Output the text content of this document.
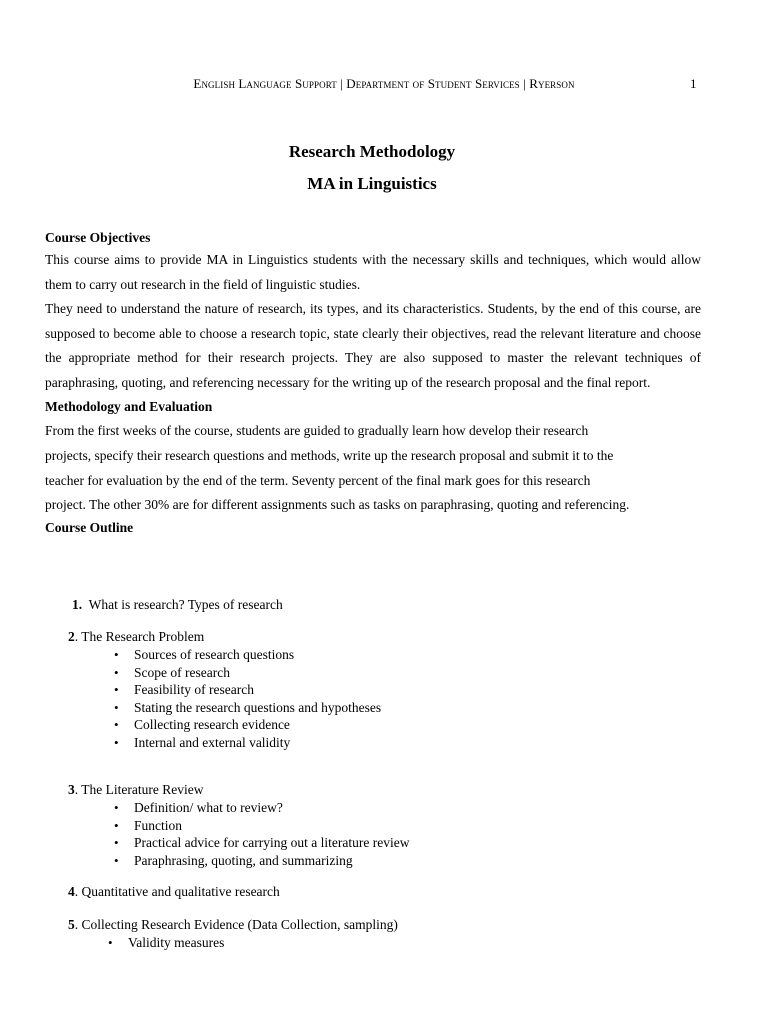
English Language Support | Department of Student Services | Ryerson	1
Research Methodology
MA in Linguistics

Course Objectives

This course aims to provide MA in Linguistics students with the necessary skills and techniques, which would allow them to carry out research in the field of linguistic studies.

They need to understand the nature of research, its types, and its characteristics. Students, by the end of this course, are supposed to become able to choose a research topic, state clearly their objectives, read the relevant literature and choose the appropriate method for their research projects. They are also supposed to master the relevant techniques of paraphrasing, quoting, and referencing necessary for the writing up of the research proposal and the final report.

Methodology and Evaluation

From the first weeks of the course, students are guided to gradually learn how develop their research
projects, specify their research questions and methods, write up the research proposal and submit it to the
teacher for evaluation by the end of the term. Seventy percent of the final mark goes for this research
project. The other 30% are for different assignments such as tasks on paraphrasing, quoting and referencing.

Course Outline

1. What is research? Types of research
2. The Research Problem
• Sources of research questions
• Scope of research
• Feasibility of research
• Stating the research questions and hypotheses
• Collecting research evidence
• Internal and external validity
3. The Literature Review
• Definition/ what to review?
• Function
• Practical advice for carrying out a literature review
• Paraphrasing, quoting, and summarizing
4. Quantitative and qualitative research
5. Collecting Research Evidence (Data Collection, sampling)
• Validity measures
